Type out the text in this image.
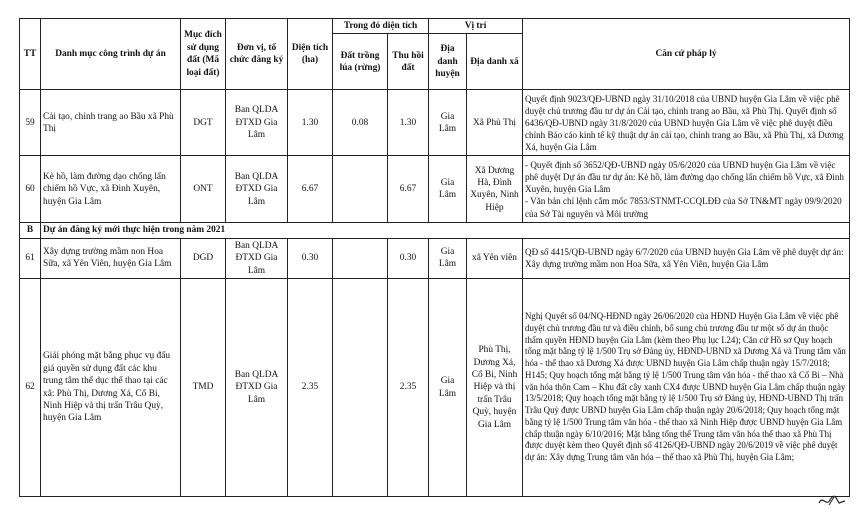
TT	Danh mục công trình dự án	Mục đích sử dụng đất (Mã loại đất)	Đơn vị, tổ chức đăng ký	Diện tích (ha)	Trong đó diện tích		Vị trí		Căn cứ pháp lý
					Đất trồng lúa (rừng)	Thu hồi đất	Địa danh huyện	Địa danh xã	
59	Cải tạo, chỉnh trang ao Bầu xã Phù Thị	DGT	Ban QLDA ĐTXD Gia Lâm	1.30	0.08	1.30	Gia Lâm	Xã Phù Thị	Quyết định 9023/QĐ-UBND ngày 31/10/2018 của UBND huyện Gia Lâm về việc phê duyệt chủ trương đầu tư dự án Cải tạo, chỉnh trang ao Bầu, xã Phù Thị. Quyết định số 6436/QĐ-UBND ngày 31/8/2020 của UBND huyện Gia Lâm về việc phê duyệt điều chỉnh Báo cáo kinh tế kỹ thuật dự án cải tạo, chỉnh trang ao Bầu, xã Phù Thị, xã Dương Xá, huyện Gia Lâm
60	Kè hồ, làm đường dạo chống lấn chiếm hồ Vực, xã Đình Xuyên, huyện Gia Lâm	ONT	Ban QLDA ĐTXD Gia Lâm	6.67		6.67	Gia Lâm	Xã Dương Hà, Đình Xuyên, Ninh Hiệp	- Quyết định số 3652/QĐ-UBND ngày 05/6/2020 của UBND huyện Gia Lâm về việc phê duyệt Dự án đầu tư dự án: Kè hồ, làm đường dạo chống lấn chiếm hồ Vực, xã Đình Xuyên, huyện Gia Lâm
- Văn bản chỉ lệnh cắm mốc 7853/STNMT-CCQLĐĐ của Sở TN&MT ngày 09/9/2020 của Sở Tài nguyên và Môi trường
B	Dự án đăng ký mới thực hiện trong năm 2021								
61	Xây dựng trường mầm non Hoa Sữa, xã Yên Viên, huyện Gia Lâm	DGD	Ban QLDA ĐTXD Gia Lâm	0.30		0.30	Gia Lâm	xã Yên viên	QĐ số 4415/QĐ-UBND ngày 6/7/2020 của UBND huyện Gia Lâm về phê duyệt dự án: Xây dựng trường mầm non Hoa Sữa, xã Yên Viên, huyện Gia Lâm
62	Giải phóng mặt bằng phục vụ đấu giá quyền sử dụng đất các khu trung tâm thể dục thể thao tại các xã: Phù Thị, Dương Xá, Cổ Bi, Ninh Hiệp và thị trấn Trâu Quỳ, huyện Gia Lâm	TMD	Ban QLDA ĐTXD Gia Lâm	2.35		2.35	Gia Lâm	Phù Thị, Dương Xá, Cổ Bi, Ninh Hiệp và thị trấn Trâu Quỳ, huyện Gia Lâm	Nghị Quyết số 04/NQ-HĐND ngày 26/06/2020 của HĐND Huyện Gia Lâm về việc phê duyệt chủ trương đầu tư và điều chỉnh, bổ sung chủ trương đầu tư một số dự án thuộc thẩm quyền HĐND huyện Gia Lâm (kèm theo Phụ lục I.24); Căn cứ Hồ sơ Quy hoạch tổng mặt bằng tỷ lệ 1/500 Trụ sở Đảng ủy, HĐND-UBND xã Dương Xá và Trung tâm văn hóa - thể thao xã Dương Xá được UBND huyện Gia Lâm chấp thuận ngày 15/7/2018; H145; Quy hoạch tổng mặt bằng tỷ lệ 1/500 Trung tâm văn hóa - thể thao xã Cổ Bi – Nhà văn hóa thôn Cam – Khu đất cây xanh CX4 được UBND huyện Gia Lâm chấp thuận ngày 13/5/2018; Quy hoạch tổng mặt bằng tỷ lệ 1/500 Trụ sở Đảng ủy, HĐND-UBND Thị trấn Trâu Quỳ được UBND huyện Gia Lâm chấp thuận ngày 20/6/2018; Quy hoạch tổng mặt bằng tỷ lệ 1/500 Trung tâm văn hóa - thể thao xã Ninh Hiệp được UBND huyện Gia Lâm chấp thuận ngày 6/10/2016; Mặt bằng tổng thể Trung tâm văn hóa thể thao xã Phù Thị được duyệt kèm theo Quyết định số 4126/QĐ-UBND ngày 20/6/2019 về việc phê duyệt dự án: Xây dựng Trung tâm văn hóa – thể thao xã Phù Thị, huyện Gia Lâm;
